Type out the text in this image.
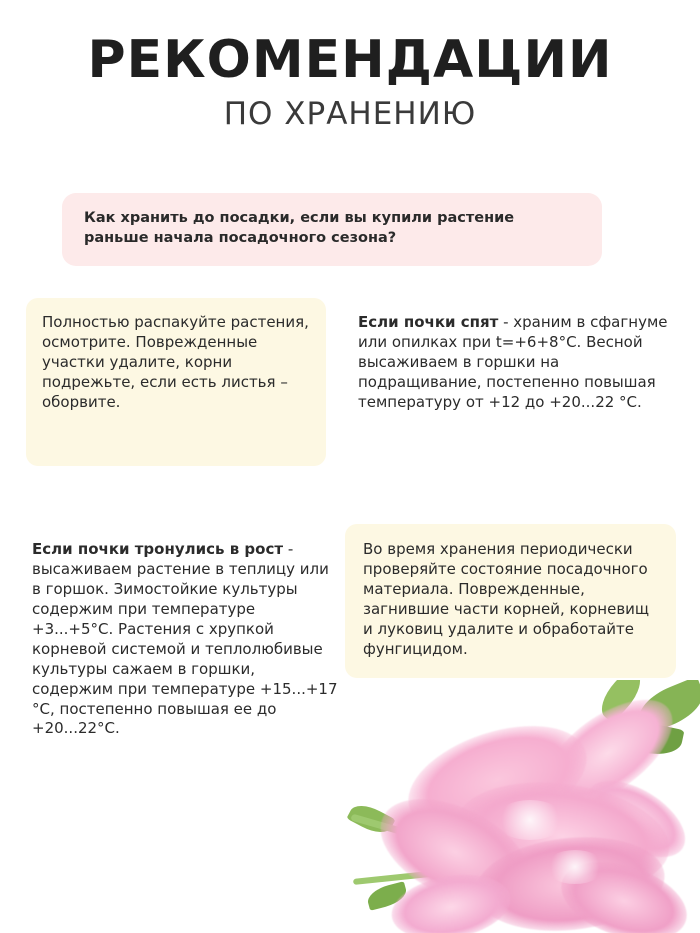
РЕКОМЕНДАЦИИ
ПО ХРАНЕНИЮ

Как хранить до посадки, если вы купили растение раньше начала посадочного сезона?

Полностью распакуйте растения, осмотрите. Поврежденные участки удалите, корни подрежьте, если есть листья – оборвите.

Если почки спят - храним в сфагнуме или опилках при t=+6+8°С. Весной высаживаем в горшки на подращивание, постепенно повышая температуру от +12 до +20...22 °С.

Если почки тронулись в рост - высаживаем растение в теплицу или в горшок. Зимостойкие культуры содержим при температуре +3...+5°С. Растения с хрупкой корневой системой и теплолюбивые культуры сажаем в горшки, содержим при температуре +15...+17 °С, постепенно повышая ее до +20...22°С.

Во время хранения периодически проверяйте состояние посадочного материала. Поврежденные, загнившие части корней, корневищ и луковиц удалите и обработайте фунгицидом.
